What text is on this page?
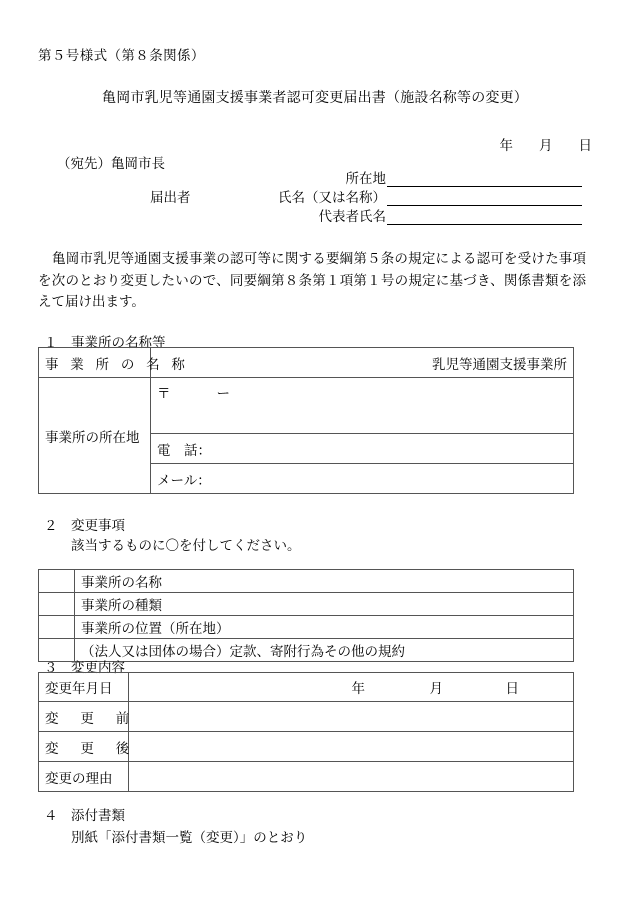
第５号様式（第８条関係）
亀岡市乳児等通園支援事業者認可変更届出書（施設名称等の変更）
年 月 日
（宛先）亀岡市長
所在地
届出者	氏名（又は名称）
代表者氏名
亀岡市乳児等通園支援事業の認可等に関する要綱第５条の規定による認可を受けた事項を次のとおり変更したいので、同要綱第８条第１項第１号の規定に基づき、関係書類を添えて届け出ます。
１ 事業所の名称等
事 業 所 の 名 称	乳児等通園支援事業所
事業所の所在地	〒 ー
	電　話：
	メール：
２ 変更事項
該当するものに〇を付してください。
	事業所の名称
	事業所の種類
	事業所の位置（所在地）
	（法人又は団体の場合）定款、寄附行為その他の規約
３ 変更内容
変更年月日	年 月 日
変　更　前	
変　更　後	
変更の理由	
４ 添付書類
別紙「添付書類一覧（変更）」のとおり
